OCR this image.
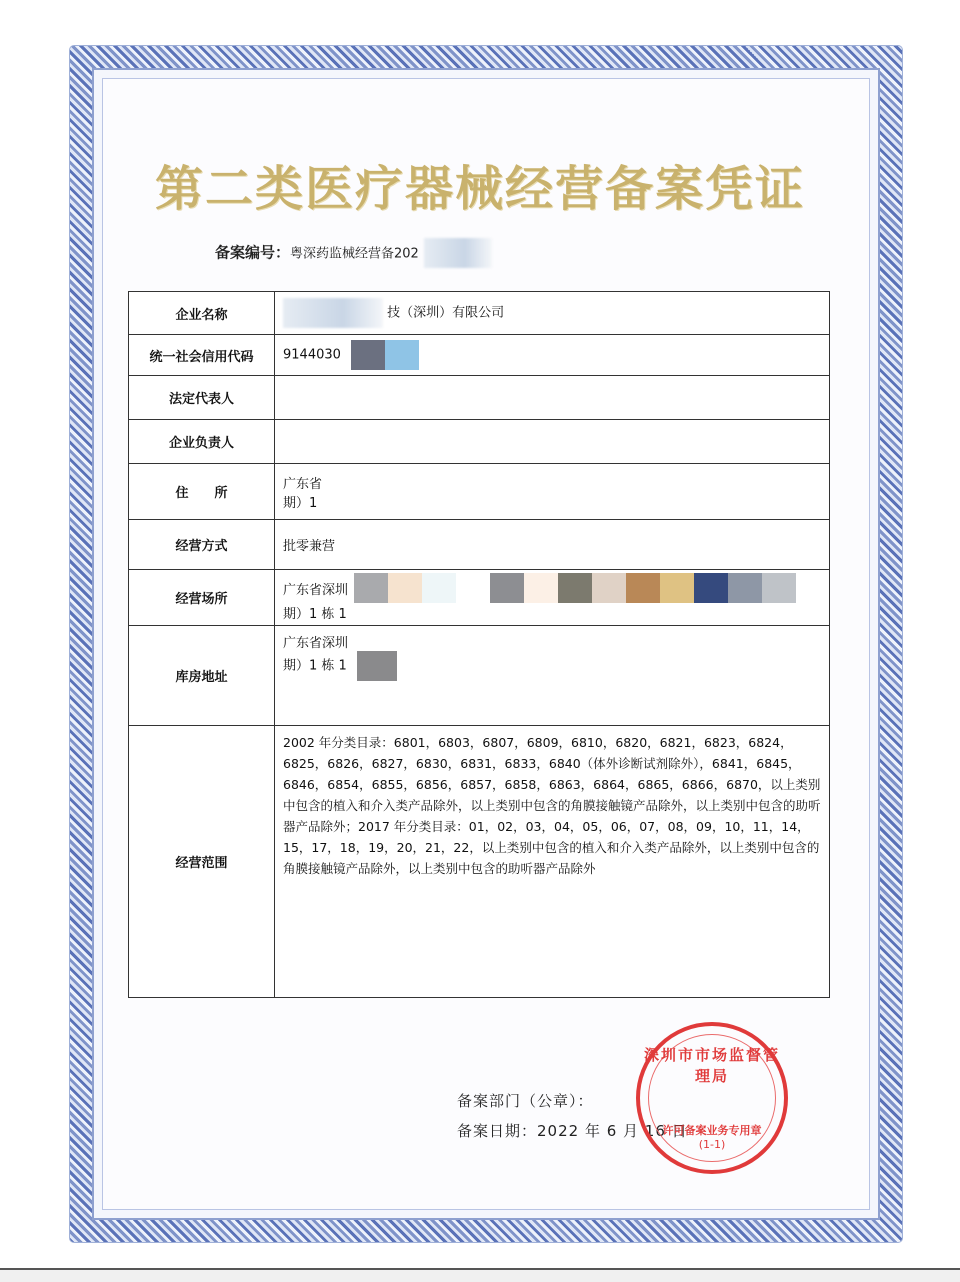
第二类医疗器械经营备案凭证
备案编号：粤深药监械经营备202
企业名称	技（深圳）有限公司
统一社会信用代码	9144030

法定代表人	
企业负责人	
住　　所	广东省
期）1

经营方式	批零兼营
经营场所	广东省深圳
期）1 栋 1

库房地址	广东省深圳
期）1 栋 1

经营范围	2002 年分类目录：6801，6803，6807，6809，6810，6820，6821，6823，6824，6825，6826，6827，6830，6831，6833，6840（体外诊断试剂除外），6841，6845，6846，6854，6855，6856，6857，6858，6863，6864，6865，6866，6870，以上类别中包含的植入和介入类产品除外，以上类别中包含的角膜接触镜产品除外，以上类别中包含的助听器产品除外；2017 年分类目录：01，02，03，04，05，06，07，08，09，10，11，14，15，17，18，19，20，21，22，以上类别中包含的植入和介入类产品除外，以上类别中包含的角膜接触镜产品除外，以上类别中包含的助听器产品除外
备案部门（公章）：
备案日期：2022 年 6 月 16 日
深圳市市场监督管理局
许可备案业务专用章
(1-1)
